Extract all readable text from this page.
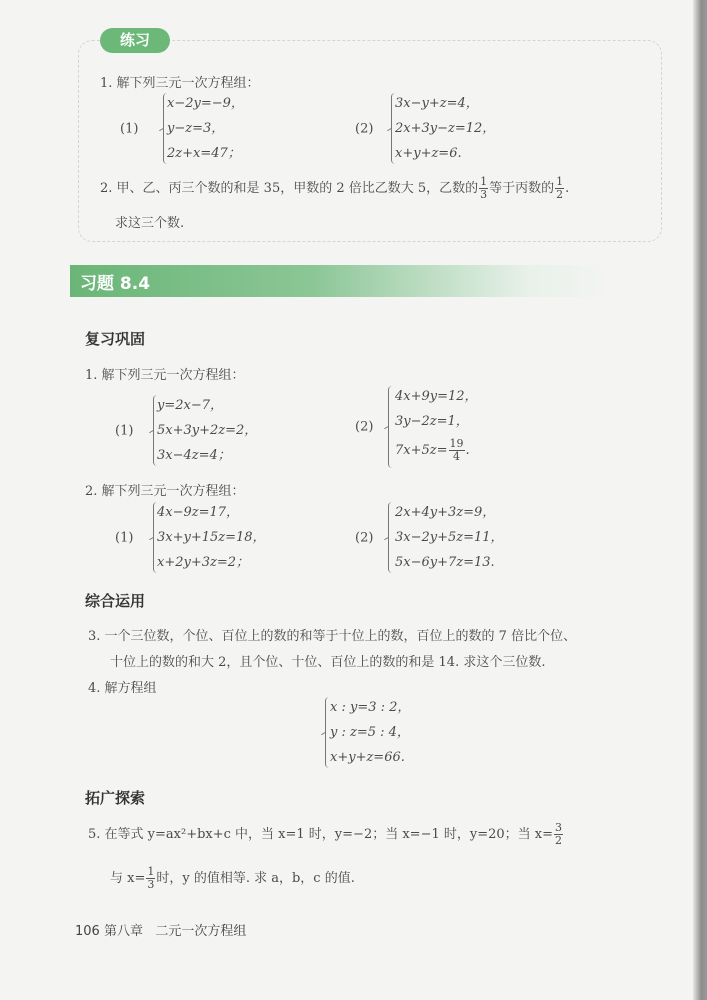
练习
1. 解下列三元一次方程组：
(1)
x−2y=−9，
y−z=3，
2z+x=47；
(2)
3x−y+z=4，
2x+3y−z=12，
x+y+z=6.
2. 甲、乙、丙三个数的和是 35，甲数的 2 倍比乙数大 5，乙数的 $\frac{1}{3}$ 等于丙数的 $\frac{1}{2}$ .
求这三个数.
习题 8.4
复习巩固
1. 解下列三元一次方程组：
(1)
y=2x−7，
5x+3y+2z=2，
3x−4z=4；
(2)
4x+9y=12，
3y−2z=1，
$7x+5z= \frac{19}{4}$ .
2. 解下列三元一次方程组：
(1)
4x−9z=17，
3x+y+15z=18，
x+2y+3z=2；
(2)
2x+4y+3z=9，
3x−2y+5z=11，
5x−6y+7z=13.
综合运用
3. 一个三位数，个位、百位上的数的和等于十位上的数，百位上的数的 7 倍比个位、
十位上的数的和大 2，且个位、十位、百位上的数的和是 14. 求这个三位数.
4. 解方程组
x : y=3 : 2，
y : z=5 : 4，
x+y+z=66.
拓广探索
5. 在等式 y=ax²+bx+c 中，当 x=1 时，y=−2；当 x=−1 时，y=20；当 $x= \frac{3}{2}$
与 $x= \frac{1}{3}$ 时，y 的值相等. 求 a，b，c 的值.
106 第八章 二元一次方程组
